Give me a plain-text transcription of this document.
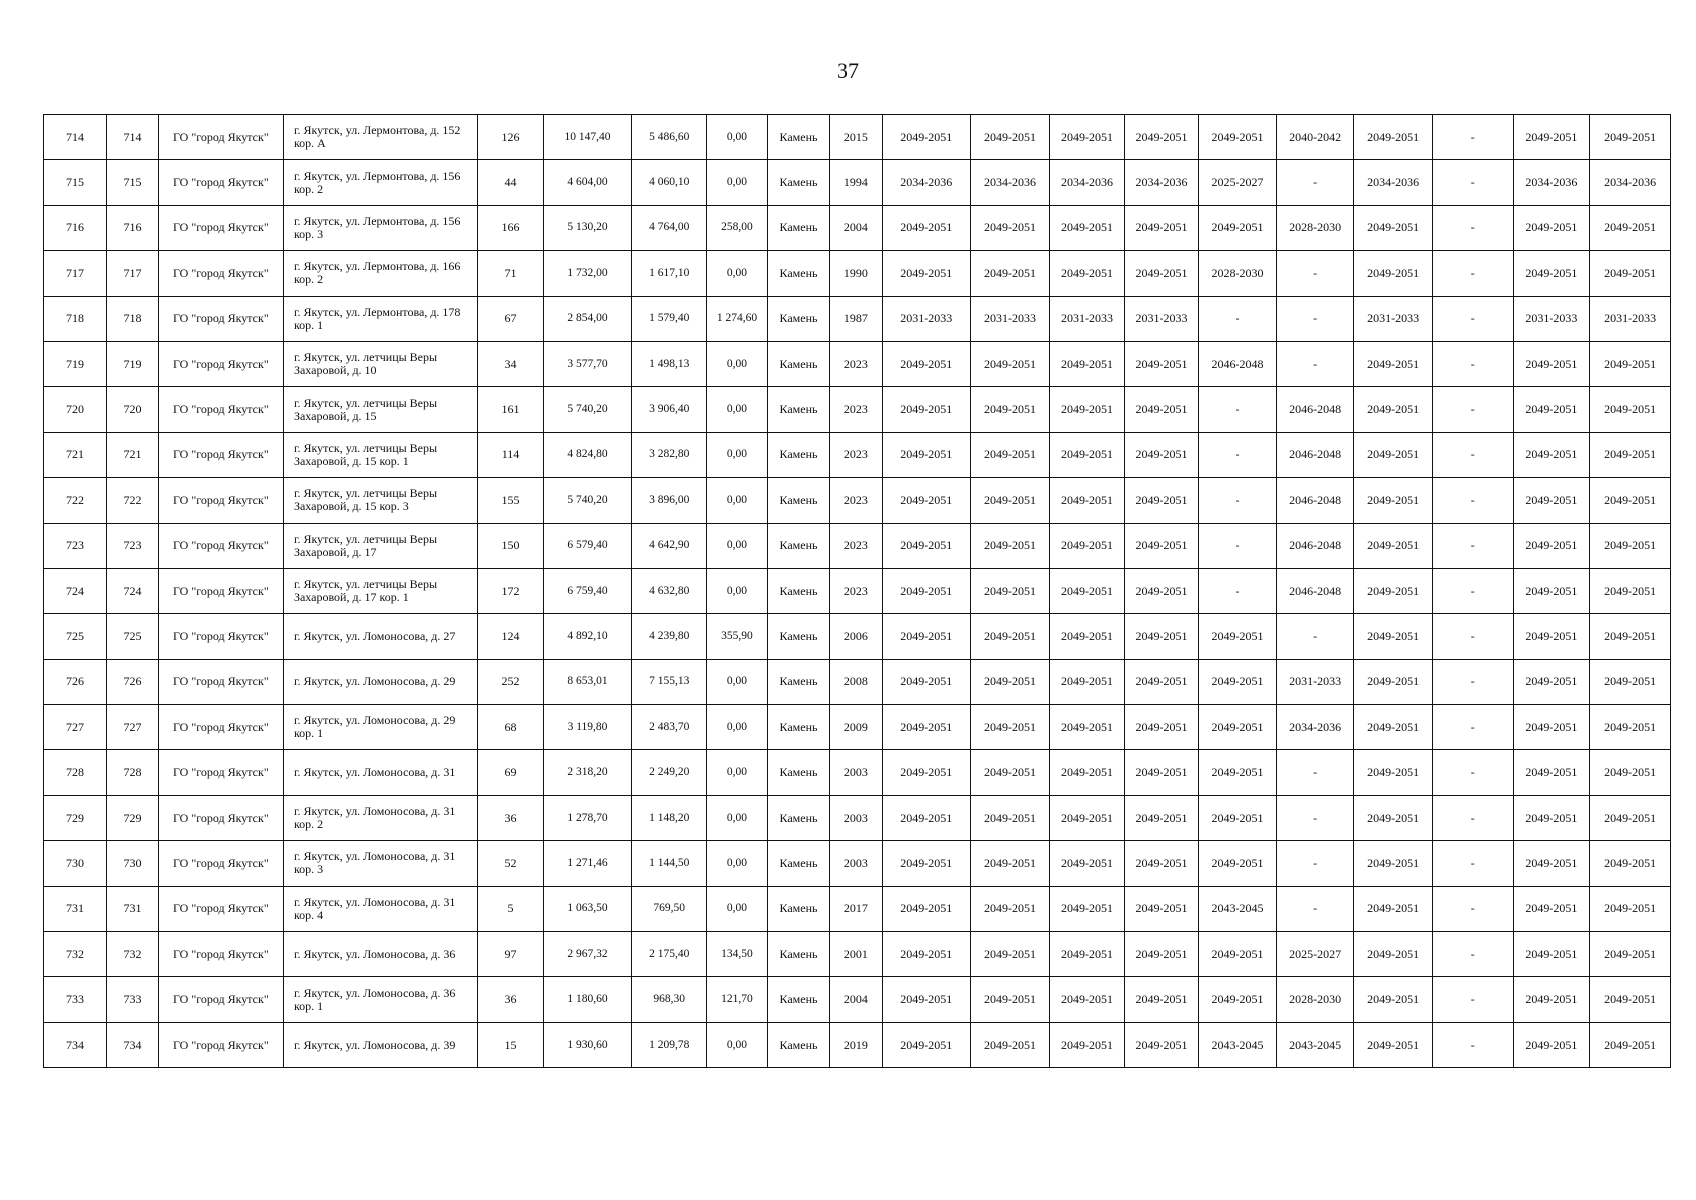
37
714	714	ГО "город Якутск"	г. Якутск, ул. Лермонтова, д. 152 кор. А	126	10 147,40	5 486,60	0,00	Камень	2015	2049-2051	2049-2051	2049-2051	2049-2051	2049-2051	2040-2042	2049-2051	-	2049-2051	2049-2051
715	715	ГО "город Якутск"	г. Якутск, ул. Лермонтова, д. 156 кор. 2	44	4 604,00	4 060,10	0,00	Камень	1994	2034-2036	2034-2036	2034-2036	2034-2036	2025-2027	-	2034-2036	-	2034-2036	2034-2036
716	716	ГО "город Якутск"	г. Якутск, ул. Лермонтова, д. 156 кор. 3	166	5 130,20	4 764,00	258,00	Камень	2004	2049-2051	2049-2051	2049-2051	2049-2051	2049-2051	2028-2030	2049-2051	-	2049-2051	2049-2051
717	717	ГО "город Якутск"	г. Якутск, ул. Лермонтова, д. 166 кор. 2	71	1 732,00	1 617,10	0,00	Камень	1990	2049-2051	2049-2051	2049-2051	2049-2051	2028-2030	-	2049-2051	-	2049-2051	2049-2051
718	718	ГО "город Якутск"	г. Якутск, ул. Лермонтова, д. 178 кор. 1	67	2 854,00	1 579,40	1 274,60	Камень	1987	2031-2033	2031-2033	2031-2033	2031-2033	-	-	2031-2033	-	2031-2033	2031-2033
719	719	ГО "город Якутск"	г. Якутск, ул. летчицы Веры Захаровой, д. 10	34	3 577,70	1 498,13	0,00	Камень	2023	2049-2051	2049-2051	2049-2051	2049-2051	2046-2048	-	2049-2051	-	2049-2051	2049-2051
720	720	ГО "город Якутск"	г. Якутск, ул. летчицы Веры Захаровой, д. 15	161	5 740,20	3 906,40	0,00	Камень	2023	2049-2051	2049-2051	2049-2051	2049-2051	-	2046-2048	2049-2051	-	2049-2051	2049-2051
721	721	ГО "город Якутск"	г. Якутск, ул. летчицы Веры Захаровой, д. 15 кор. 1	114	4 824,80	3 282,80	0,00	Камень	2023	2049-2051	2049-2051	2049-2051	2049-2051	-	2046-2048	2049-2051	-	2049-2051	2049-2051
722	722	ГО "город Якутск"	г. Якутск, ул. летчицы Веры Захаровой, д. 15 кор. 3	155	5 740,20	3 896,00	0,00	Камень	2023	2049-2051	2049-2051	2049-2051	2049-2051	-	2046-2048	2049-2051	-	2049-2051	2049-2051
723	723	ГО "город Якутск"	г. Якутск, ул. летчицы Веры Захаровой, д. 17	150	6 579,40	4 642,90	0,00	Камень	2023	2049-2051	2049-2051	2049-2051	2049-2051	-	2046-2048	2049-2051	-	2049-2051	2049-2051
724	724	ГО "город Якутск"	г. Якутск, ул. летчицы Веры Захаровой, д. 17 кор. 1	172	6 759,40	4 632,80	0,00	Камень	2023	2049-2051	2049-2051	2049-2051	2049-2051	-	2046-2048	2049-2051	-	2049-2051	2049-2051
725	725	ГО "город Якутск"	г. Якутск, ул. Ломоносова, д. 27	124	4 892,10	4 239,80	355,90	Камень	2006	2049-2051	2049-2051	2049-2051	2049-2051	2049-2051	-	2049-2051	-	2049-2051	2049-2051
726	726	ГО "город Якутск"	г. Якутск, ул. Ломоносова, д. 29	252	8 653,01	7 155,13	0,00	Камень	2008	2049-2051	2049-2051	2049-2051	2049-2051	2049-2051	2031-2033	2049-2051	-	2049-2051	2049-2051
727	727	ГО "город Якутск"	г. Якутск, ул. Ломоносова, д. 29 кор. 1	68	3 119,80	2 483,70	0,00	Камень	2009	2049-2051	2049-2051	2049-2051	2049-2051	2049-2051	2034-2036	2049-2051	-	2049-2051	2049-2051
728	728	ГО "город Якутск"	г. Якутск, ул. Ломоносова, д. 31	69	2 318,20	2 249,20	0,00	Камень	2003	2049-2051	2049-2051	2049-2051	2049-2051	2049-2051	-	2049-2051	-	2049-2051	2049-2051
729	729	ГО "город Якутск"	г. Якутск, ул. Ломоносова, д. 31 кор. 2	36	1 278,70	1 148,20	0,00	Камень	2003	2049-2051	2049-2051	2049-2051	2049-2051	2049-2051	-	2049-2051	-	2049-2051	2049-2051
730	730	ГО "город Якутск"	г. Якутск, ул. Ломоносова, д. 31 кор. 3	52	1 271,46	1 144,50	0,00	Камень	2003	2049-2051	2049-2051	2049-2051	2049-2051	2049-2051	-	2049-2051	-	2049-2051	2049-2051
731	731	ГО "город Якутск"	г. Якутск, ул. Ломоносова, д. 31 кор. 4	5	1 063,50	769,50	0,00	Камень	2017	2049-2051	2049-2051	2049-2051	2049-2051	2043-2045	-	2049-2051	-	2049-2051	2049-2051
732	732	ГО "город Якутск"	г. Якутск, ул. Ломоносова, д. 36	97	2 967,32	2 175,40	134,50	Камень	2001	2049-2051	2049-2051	2049-2051	2049-2051	2049-2051	2025-2027	2049-2051	-	2049-2051	2049-2051
733	733	ГО "город Якутск"	г. Якутск, ул. Ломоносова, д. 36 кор. 1	36	1 180,60	968,30	121,70	Камень	2004	2049-2051	2049-2051	2049-2051	2049-2051	2049-2051	2028-2030	2049-2051	-	2049-2051	2049-2051
734	734	ГО "город Якутск"	г. Якутск, ул. Ломоносова, д. 39	15	1 930,60	1 209,78	0,00	Камень	2019	2049-2051	2049-2051	2049-2051	2049-2051	2043-2045	2043-2045	2049-2051	-	2049-2051	2049-2051
